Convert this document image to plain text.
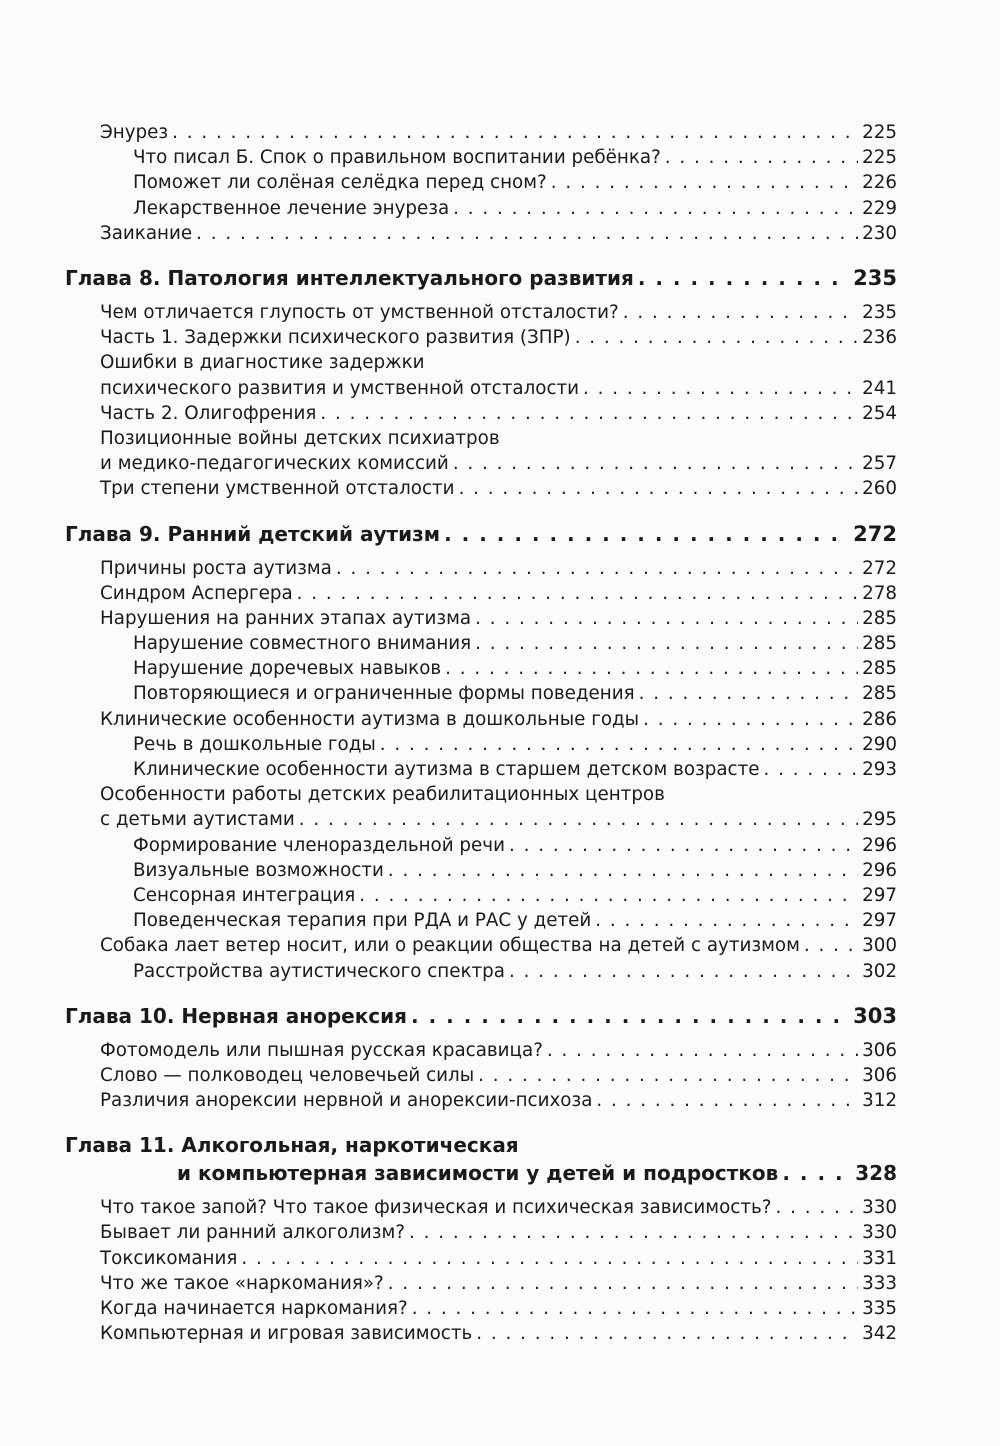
Энурез . . .	225
Что писал Б. Спок о правильном воспитании ребёнка? . . .	225
Поможет ли солёная селёдка перед сном? . . .	226
Лекарственное лечение энуреза . . .	229
Заикание . . .	230
Глава 8. Патология интеллектуального развития . . .	235
Чем отличается глупость от умственной отсталости? . . .	235
Часть 1. Задержки психического развития (ЗПР) . . .	236
Ошибки в диагностике задержки
психического развития и умственной отсталости . . .	241
Часть 2. Олигофрения . . .	254
Позиционные войны детских психиатров
и медико-педагогических комиссий . . .	257
Три степени умственной отсталости . . .	260
Глава 9. Ранний детский аутизм . . .	272
Причины роста аутизма . . .	272
Синдром Аспергера . . .	278
Нарушения на ранних этапах аутизма . . .	285
Нарушение совместного внимания . . .	285
Нарушение доречевых навыков . . .	285
Повторяющиеся и ограниченные формы поведения . . .	285
Клинические особенности аутизма в дошкольные годы . . .	286
Речь в дошкольные годы . . .	290
Клинические особенности аутизма в старшем детском возрасте . . .	293
Особенности работы детских реабилитационных центров
с детьми аутистами . . .	295
Формирование членораздельной речи . . .	296
Визуальные возможности . . .	296
Сенсорная интеграция . . .	297
Поведенческая терапия при РДА и РАС у детей . . .	297
Собака лает ветер носит, или о реакции общества на детей с аутизмом . . .	300
Расстройства аутистического спектра . . .	302
Глава 10. Нервная анорексия . . .	303
Фотомодель или пышная русская красавица? . . .	306
Слово — полководец человечьей силы . . .	306
Различия анорексии нервной и анорексии-психоза . . .	312
Глава 11. Алкогольная, наркотическая
и компьютерная зависимости у детей и подростков . . .	328
Что такое запой? Что такое физическая и психическая зависимость? . . .	330
Бывает ли ранний алкоголизм? . . .	330
Токсикомания . . .	331
Что же такое «наркомания»? . . .	333
Когда начинается наркомания? . . .	335
Компьютерная и игровая зависимость . . .	342
